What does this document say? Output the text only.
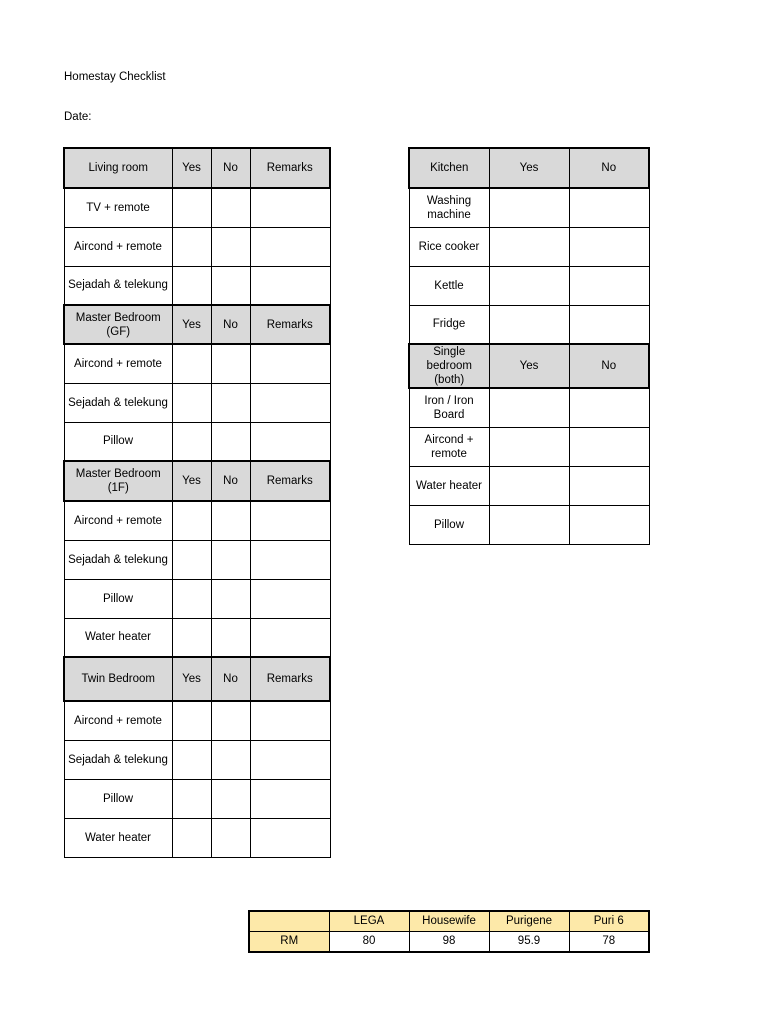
Homestay Checklist
Date:
Living room	Yes	No	Remarks
TV + remote			
Aircond + remote			
Sejadah & telekung			
Master Bedroom (GF)	Yes	No	Remarks
Aircond + remote			
Sejadah & telekung			
Pillow			
Master Bedroom (1F)	Yes	No	Remarks
Aircond + remote			
Sejadah & telekung			
Pillow			
Water heater			
Twin Bedroom	Yes	No	Remarks
Aircond + remote			
Sejadah & telekung			
Pillow			
Water heater			
Kitchen	Yes	No
Washing machine		
Rice cooker		
Kettle		
Fridge		
Single bedroom (both)	Yes	No
Iron / Iron Board		
Aircond + remote		
Water heater		
Pillow		
	LEGA	Housewife	Purigene	Puri 6
RM	80	98	95.9	78
